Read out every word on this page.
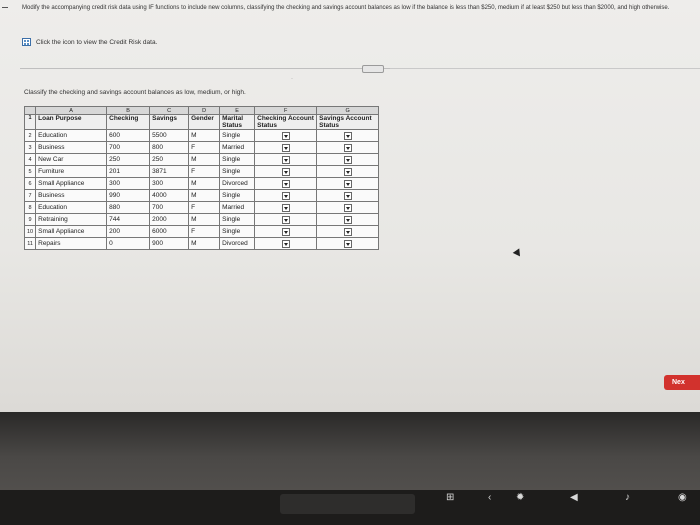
Modify the accompanying credit risk data using IF functions to include new columns, classifying the checking and savings account balances as low if the balance is less than $250, medium if at least $250 but less than $2000, and high otherwise.
Click the icon to view the Credit Risk data.
·
Classify the checking and savings account balances as low, medium, or high.
	A	B	C	D	E	F	G
1	Loan Purpose	Checking	Savings	Gender	Marital Status	Checking Account Status	Savings Account Status
2	Education	600	5500	M	Single		
3	Business	700	800	F	Married		
4	New Car	250	250	M	Single		
5	Furniture	201	3871	F	Single		
6	Small Appliance	300	300	M	Divorced		
7	Business	990	4000	M	Single		
8	Education	880	700	F	Married		
9	Retraining	744	2000	M	Single		
10	Small Appliance	200	6000	F	Single		
11	Repairs	0	900	M	Divorced		
Nex
⊞	‹ ✹	◀	♪	◉
